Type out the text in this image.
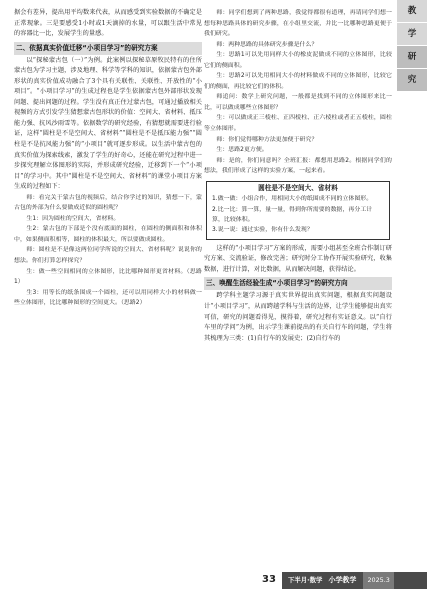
据会有差异，提出用平均数来代表，从而感受到实验数据的不确定是正常现象。三是要感受1小时或1天滴掉的水量，可以跟生活中常见的容器比一比，发展学生的量感。

二、依据真实价值迁移“小项目学习”的研究方案

以“探秘蒙古包（一）”为例。此案例以探秘草原牧民特有的住所蒙古包为学习主题，涉及地理、科学等学科的知识，依据蒙古包外部形状的真实价值成功融合了3个具有关联性、关联性、开放性的“小项目”。“小项目学习”的生成过程也是学生依据蒙古包外部形状发现问题、提出问题的过程。学生没有真正住过蒙古包，可通过播放相关视频的方式引发学生猜想蒙古包形状的价值：空间大、省材料、抵压能力强、抗风沙雨雪等。依据数学的研究经验，有猜想就需要进行验证，这样“圆柱是不是空间大、省材料”“圆柱是不是抵压能力强”“圆柱是不是抗风能力强”的“小项目”就可逐步形成。以生活中蒙古包的真实价值为探索线索，激发了学生的好奇心，还能在研究过程中进一步探究理解立体图形的实际，并形成研究经验，迁移到下一个“小项目”的学习中。其中“圆柱是不是空间大、省材料”的课堂小项目方案生成的过程如下：

师：看完关于蒙古包的视频后，结合你学过的知识，猜想一下，蒙古包的外部为什么要做成近似的圆柱呢？

生1：因为圆柱的空间大，省材料。

生2：蒙古包的下部是个没有底面的圆柱，在圆柱的侧面积和体积中，如果侧面积相等，圆柱的体积最大，所以要做成圆柱。

师：圆柱是不是像这两位同学所说的空间大、省材料呢？说说你的想法。你们打算怎样探究？

生：做一些空间相同的立体图形，比比哪种图形更省材料。（思路1）

生3：用等长的纸条围成一个圆柱，还可以用同样大小的材料做一些立体图形，比比哪种图形的空间更大。（思路2）

师：同学们想到了两种思路，我觉得都很有道理，再请同学们想一想每种思路具体的研究步骤，在小组里交流，并比一比哪种思路更便于我们研究。

师：两种思路的具体研究步骤是什么？

生：思路1可以先用同样大小的橡皮泥做成不同的立体图形，比较它们的侧面积。

生：思路2可以先用相同大小的材料做成不同的立体图形，比较它们的侧面，再比较它们的体积。

师追问：数学上研究问题，一般都是找到不同的立体图形来比一比，可以做成哪些立体图形？

生：可以做成正三棱柱、正四棱柱、正六棱柱或者正五棱柱，圆柱等立体图形。

师：你们觉得哪种方法更加便于研究？

生：思路2更方便。

师：是的，你们同意吗？全班汇报：都想用思路2。根据同学们的想法，我们形成了这样的实验方案，一起来看。

圆柱是不是空间大、省材料

1.做一做：小组合作，用相同大小的纸围成不同的立体图形。

2.比一比：算一算，量一量，得到你所需要的数据，再分工计算，比较体积。

3.说一说：通过实验，你有什么发现？

这样的“小项目学习”方案的形成，需要小组甚至全班合作制订研究方案、交流验证，修改完善；研究时分工协作开展实验研究，收集数据，进行计算，对比数据，从而解决问题，获得结论。

三、唤醒生活经验生成“小项目学习”的研究方向

跨学科主题学习源于真实世界提出真实问题，根据真实问题设计“小项目学习”，从而跨越学科与生活的边界，让学生能够提出真实可信，研究的问题看得见，摸得着，研究过程有实证意义。以“自行车里的学问”为例，出示学生课前提出的有关自行车的问题，学生将其梳理为三类：(1)自行车的发展史；(2)自行车的

教
学
研
究
33	下半月·数学 小学教学 2025.3
